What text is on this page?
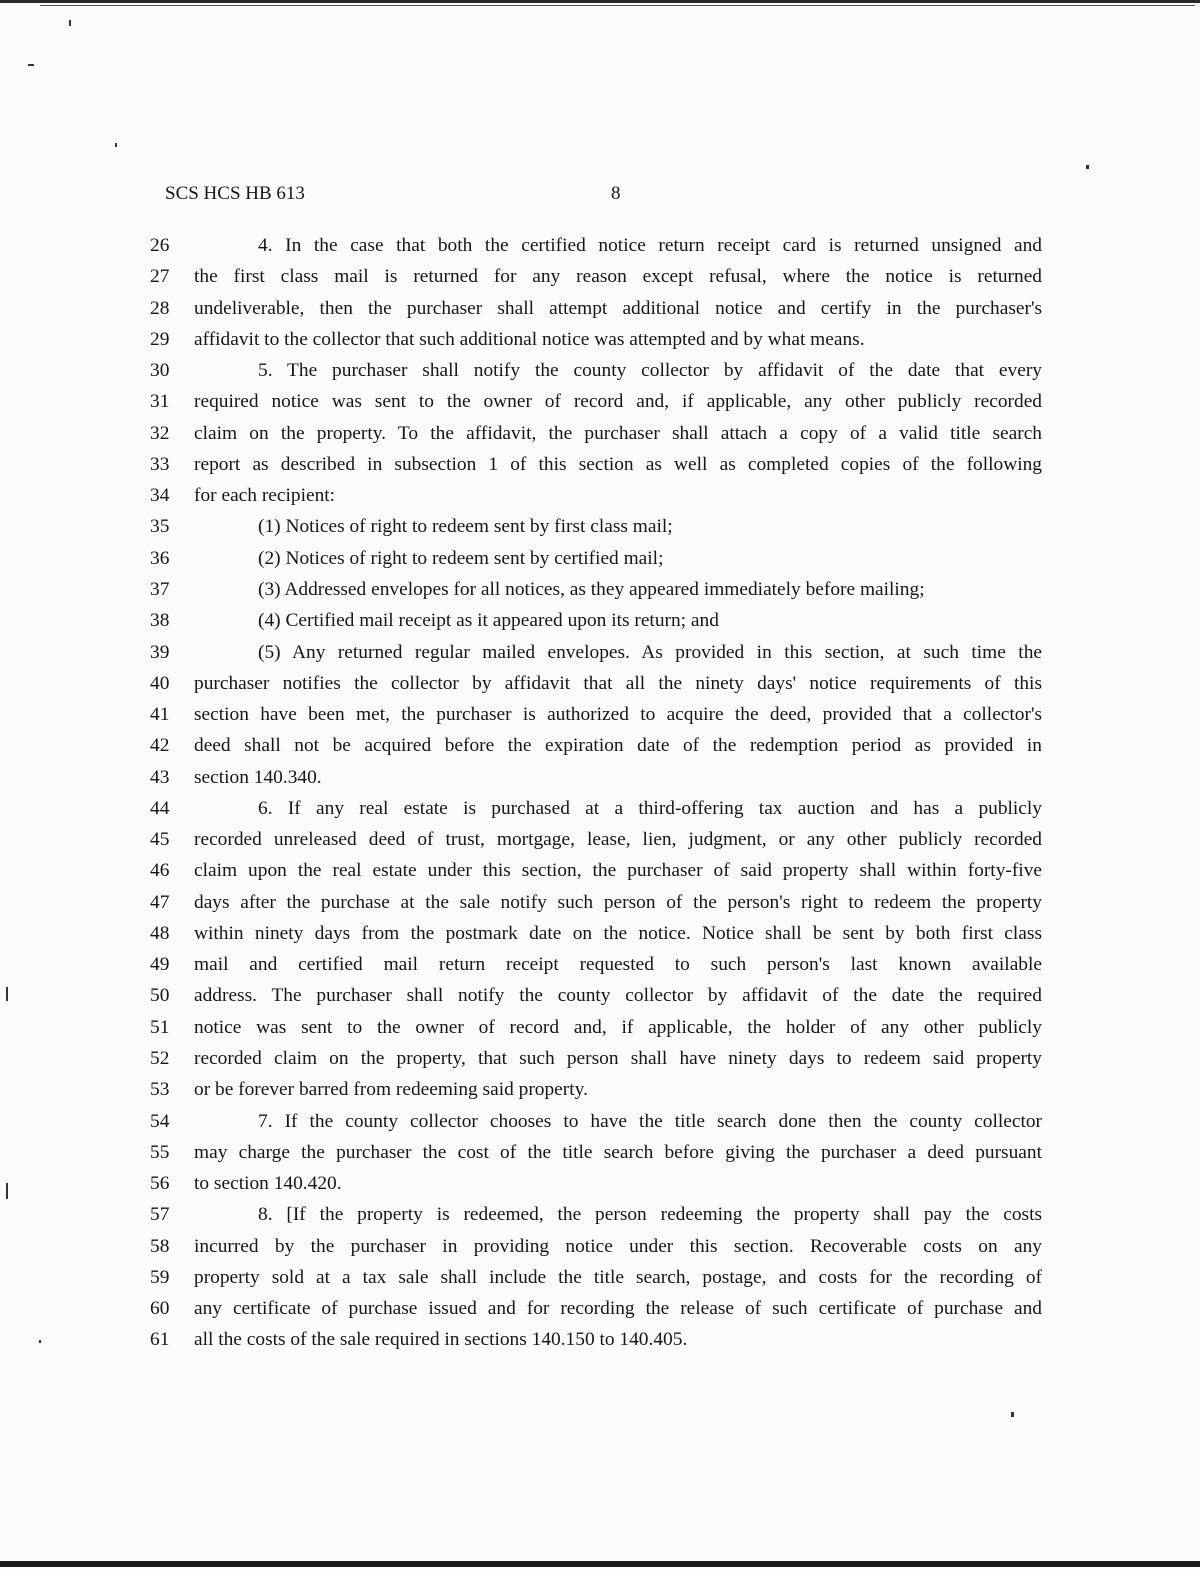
SCS HCS HB 613	8
26	4. In the case that both the certified notice return receipt card is returned unsigned and
27	the first class mail is returned for any reason except refusal, where the notice is returned
28	undeliverable, then the purchaser shall attempt additional notice and certify in the purchaser's
29	affidavit to the collector that such additional notice was attempted and by what means.
30	5. The purchaser shall notify the county collector by affidavit of the date that every
31	required notice was sent to the owner of record and, if applicable, any other publicly recorded
32	claim on the property. To the affidavit, the purchaser shall attach a copy of a valid title search
33	report as described in subsection 1 of this section as well as completed copies of the following
34	for each recipient:
35	(1) Notices of right to redeem sent by first class mail;
36	(2) Notices of right to redeem sent by certified mail;
37	(3) Addressed envelopes for all notices, as they appeared immediately before mailing;
38	(4) Certified mail receipt as it appeared upon its return; and
39	(5) Any returned regular mailed envelopes. As provided in this section, at such time the
40	purchaser notifies the collector by affidavit that all the ninety days' notice requirements of this
41	section have been met, the purchaser is authorized to acquire the deed, provided that a collector's
42	deed shall not be acquired before the expiration date of the redemption period as provided in
43	section 140.340.
44	6. If any real estate is purchased at a third-offering tax auction and has a publicly
45	recorded unreleased deed of trust, mortgage, lease, lien, judgment, or any other publicly recorded
46	claim upon the real estate under this section, the purchaser of said property shall within forty-five
47	days after the purchase at the sale notify such person of the person's right to redeem the property
48	within ninety days from the postmark date on the notice. Notice shall be sent by both first class
49	mail and certified mail return receipt requested to such person's last known available
50	address. The purchaser shall notify the county collector by affidavit of the date the required
51	notice was sent to the owner of record and, if applicable, the holder of any other publicly
52	recorded claim on the property, that such person shall have ninety days to redeem said property
53	or be forever barred from redeeming said property.
54	7. If the county collector chooses to have the title search done then the county collector
55	may charge the purchaser the cost of the title search before giving the purchaser a deed pursuant
56	to section 140.420.
57	8. [If the property is redeemed, the person redeeming the property shall pay the costs
58	incurred by the purchaser in providing notice under this section. Recoverable costs on any
59	property sold at a tax sale shall include the title search, postage, and costs for the recording of
60	any certificate of purchase issued and for recording the release of such certificate of purchase and
61	all the costs of the sale required in sections 140.150 to 140.405.
